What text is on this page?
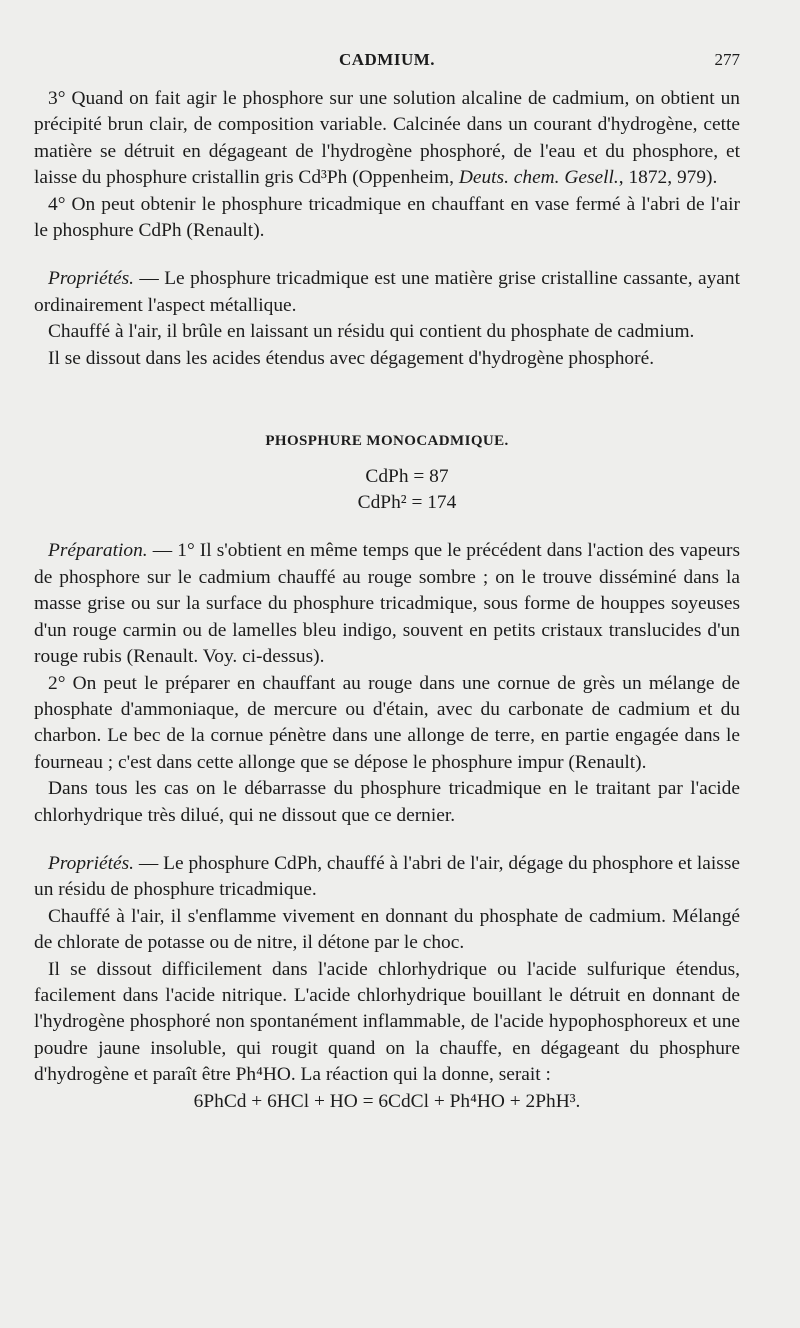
CADMIUM.	277

3° Quand on fait agir le phosphore sur une solution alcaline de cadmium, on obtient un précipité brun clair, de composition variable. Calcinée dans un courant d'hydrogène, cette matière se détruit en dégageant de l'hydrogène phosphoré, de l'eau et du phosphore, et laisse du phosphure cristallin gris Cd³Ph (Oppenheim, Deuts. chem. Gesell., 1872, 979).

4° On peut obtenir le phosphure tricadmique en chauffant en vase fermé à l'abri de l'air le phosphure CdPh (Renault).

Propriétés. — Le phosphure tricadmique est une matière grise cristalline cassante, ayant ordinairement l'aspect métallique.

Chauffé à l'air, il brûle en laissant un résidu qui contient du phosphate de cadmium.

Il se dissout dans les acides étendus avec dégagement d'hydrogène phosphoré.

PHOSPHURE MONOCADMIQUE.

CdPh = 87
CdPh² = 174

Préparation. — 1° Il s'obtient en même temps que le précédent dans l'action des vapeurs de phosphore sur le cadmium chauffé au rouge sombre ; on le trouve disséminé dans la masse grise ou sur la surface du phosphure tricadmique, sous forme de houppes soyeuses d'un rouge carmin ou de lamelles bleu indigo, souvent en petits cristaux translucides d'un rouge rubis (Renault. Voy. ci-dessus).

2° On peut le préparer en chauffant au rouge dans une cornue de grès un mélange de phosphate d'ammoniaque, de mercure ou d'étain, avec du carbonate de cadmium et du charbon. Le bec de la cornue pénètre dans une allonge de terre, en partie engagée dans le fourneau ; c'est dans cette allonge que se dépose le phosphure impur (Renault).

Dans tous les cas on le débarrasse du phosphure tricadmique en le traitant par l'acide chlorhydrique très dilué, qui ne dissout que ce dernier.

Propriétés. — Le phosphure CdPh, chauffé à l'abri de l'air, dégage du phosphore et laisse un résidu de phosphure tricadmique.

Chauffé à l'air, il s'enflamme vivement en donnant du phosphate de cadmium. Mélangé de chlorate de potasse ou de nitre, il détone par le choc.

Il se dissout difficilement dans l'acide chlorhydrique ou l'acide sulfurique étendus, facilement dans l'acide nitrique. L'acide chlorhydrique bouillant le détruit en donnant de l'hydrogène phosphoré non spontanément inflammable, de l'acide hypophosphoreux et une poudre jaune insoluble, qui rougit quand on la chauffe, en dégageant du phosphure d'hydrogène et paraît être Ph⁴HO. La réaction qui la donne, serait :

6PhCd + 6HCl + HO = 6CdCl + Ph⁴HO + 2PhH³.
